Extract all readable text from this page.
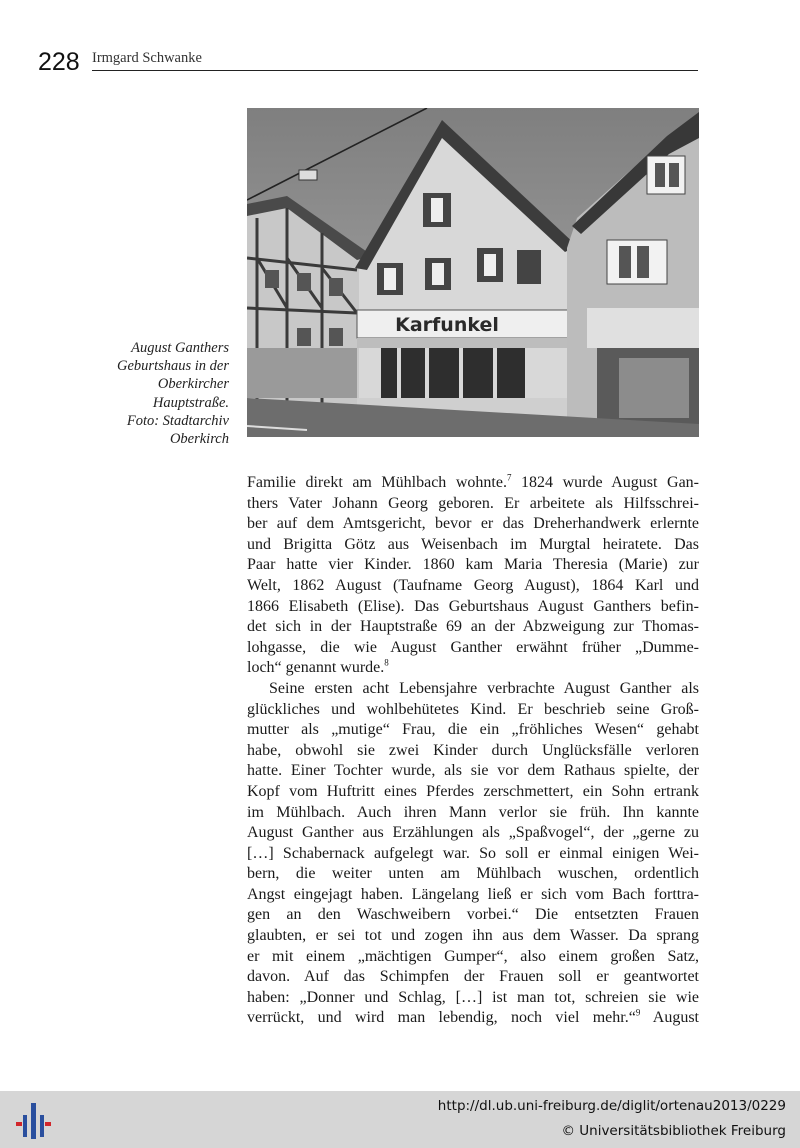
228 Irmgard Schwanke
Karfunkel
August Ganthers
Geburtshaus in der
Oberkircher
Hauptstraße.
Foto: Stadtarchiv
Oberkirch
Familie direkt am Mühlbach wohnte.$^7$ 1824 wurde August Gan-
thers Vater Johann Georg geboren. Er arbeitete als Hilfsschrei-
ber auf dem Amtsgericht, bevor er das Dreherhandwerk erlernte
und Brigitta Götz aus Weisenbach im Murgtal heiratete. Das
Paar hatte vier Kinder. 1860 kam Maria Theresia (Marie) zur
Welt, 1862 August (Taufname Georg August), 1864 Karl und
1866 Elisabeth (Elise). Das Geburtshaus August Ganthers befin-
det sich in der Hauptstraße 69 an der Abzweigung zur Thomas-
lohgasse, die wie August Ganther erwähnt früher „Dumme-
loch“ genannt wurde.$^8$
Seine ersten acht Lebensjahre verbrachte August Ganther als
glückliches und wohlbehütetes Kind. Er beschrieb seine Groß-
mutter als „mutige“ Frau, die ein „fröhliches Wesen“ gehabt
habe, obwohl sie zwei Kinder durch Unglücksfälle verloren
hatte. Einer Tochter wurde, als sie vor dem Rathaus spielte, der
Kopf vom Huftritt eines Pferdes zerschmettert, ein Sohn ertrank
im Mühlbach. Auch ihren Mann verlor sie früh. Ihn kannte
August Ganther aus Erzählungen als „Spaßvogel“, der „gerne zu
[…] Schabernack aufgelegt war. So soll er einmal einigen Wei-
bern, die weiter unten am Mühlbach wuschen, ordentlich
Angst eingejagt haben. Längelang ließ er sich vom Bach forttra-
gen an den Waschweibern vorbei.“ Die entsetzten Frauen
glaubten, er sei tot und zogen ihn aus dem Wasser. Da sprang
er mit einem „mächtigen Gumper“, also einem großen Satz,
davon. Auf das Schimpfen der Frauen soll er geantwortet
haben: „Donner und Schlag, […] ist man tot, schreien sie wie
verrückt, und wird man lebendig, noch viel mehr.“$^9$ August
http://dl.ub.uni-freiburg.de/diglit/ortenau2013/0229
© Universitätsbibliothek Freiburg
